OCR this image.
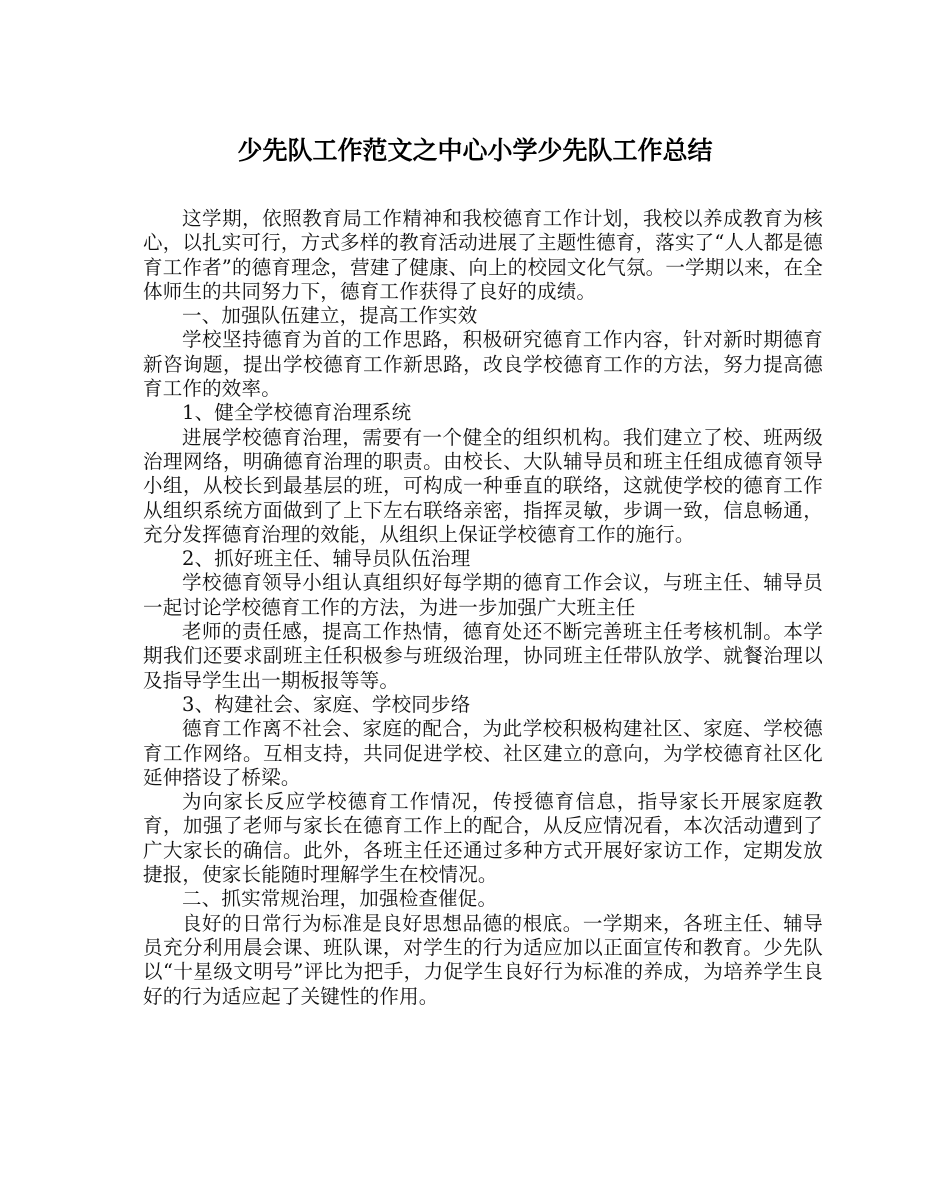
少先队工作范文之中心小学少先队工作总结

这学期，依照教育局工作精神和我校德育工作计划，我校以养成教育为核心，以扎实可行，方式多样的教育活动进展了主题性德育，落实了“人人都是德育工作者”的德育理念，营建了健康、向上的校园文化气氛。一学期以来，在全体师生的共同努力下，德育工作获得了良好的成绩。

一、加强队伍建立，提高工作实效

学校坚持德育为首的工作思路，积极研究德育工作内容，针对新时期德育新咨询题，提出学校德育工作新思路，改良学校德育工作的方法，努力提高德育工作的效率。

1、健全学校德育治理系统

进展学校德育治理，需要有一个健全的组织机构。我们建立了校、班两级治理网络，明确德育治理的职责。由校长、大队辅导员和班主任组成德育领导小组，从校长到最基层的班，可构成一种垂直的联络，这就使学校的德育工作从组织系统方面做到了上下左右联络亲密，指挥灵敏，步调一致，信息畅通，充分发挥德育治理的效能，从组织上保证学校德育工作的施行。

2、抓好班主任、辅导员队伍治理

学校德育领导小组认真组织好每学期的德育工作会议，与班主任、辅导员一起讨论学校德育工作的方法，为进一步加强广大班主任

老师的责任感，提高工作热情，德育处还不断完善班主任考核机制。本学期我们还要求副班主任积极参与班级治理，协同班主任带队放学、就餐治理以及指导学生出一期板报等等。

3、构建社会、家庭、学校同步络

德育工作离不社会、家庭的配合，为此学校积极构建社区、家庭、学校德育工作网络。互相支持，共同促进学校、社区建立的意向，为学校德育社区化延伸搭设了桥梁。

为向家长反应学校德育工作情况，传授德育信息，指导家长开展家庭教育，加强了老师与家长在德育工作上的配合，从反应情况看，本次活动遭到了广大家长的确信。此外，各班主任还通过多种方式开展好家访工作，定期发放捷报，使家长能随时理解学生在校情况。

二、抓实常规治理，加强检查催促。

良好的日常行为标准是良好思想品德的根底。一学期来，各班主任、辅导员充分利用晨会课、班队课，对学生的行为适应加以正面宣传和教育。少先队以“十星级文明号”评比为把手，力促学生良好行为标准的养成，为培养学生良好的行为适应起了关键性的作用。
